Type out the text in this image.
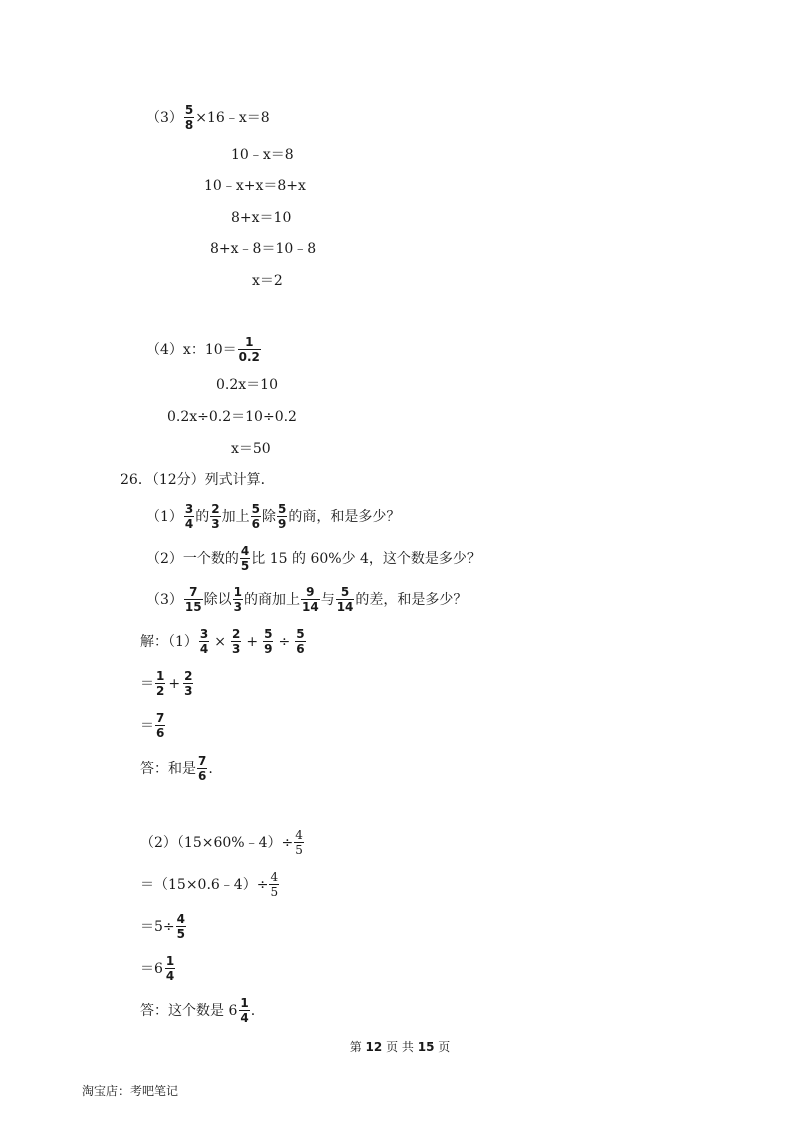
$(3) \frac{5}{8}$ ×16﹣x＝8
10﹣x＝8
10﹣x+x＝8+x
8+x＝10
8+x﹣8＝10﹣8
x＝2
（4） x：$10= \frac{1}{0.2}$
0.2x＝10
0.2x÷0.2＝10÷0.2
x＝50
26．（12分）列式计算．
$(1) \frac{3}{4}$ 的 $\frac{2}{3}$ 加上 $\frac{5}{6}$ 除 $\frac{5}{9}$ 的商，和是多少？
（2）一个数的 $\frac{4}{5}$ 比 15 的 60%少 4，这个数是多少？
$(3) \frac{7}{15}$ 除以 $\frac{1}{3}$ 的商加上 $\frac{9}{14}$ 与 $\frac{5}{14}$ 的差，和是多少？
解：$(1) \frac{3}{4} \times \frac{2}{3} + \frac{5}{9} \div \frac{5}{6}$
＝ $\frac{1}{2} + \frac{2}{3}$
＝ $\frac{7}{6}$
答：和是 $\frac{7}{6}$ .
（2）（15×60%﹣4）÷ $\frac{4}{5}$
＝（15×0.6﹣4）÷ $\frac{4}{5}$
$=5\div \frac{4}{5}$
$=6 \frac{1}{4}$
答：这个数是 $6 \frac{1}{4}$ .
第 12 页 共 15 页
淘宝店：考吧笔记
